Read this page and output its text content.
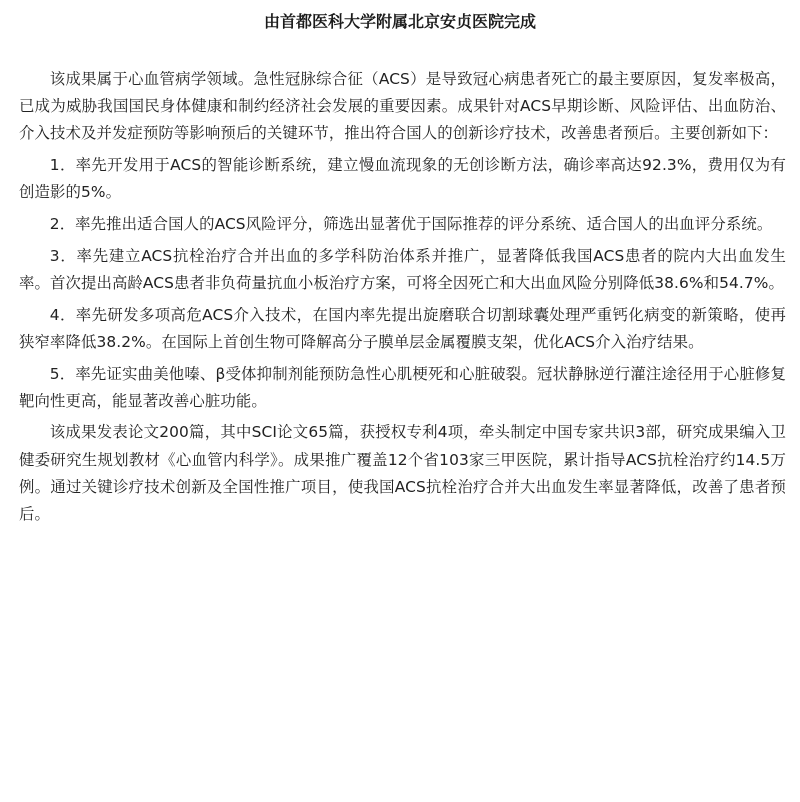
由首都医科大学附属北京安贞医院完成

该成果属于心血管病学领域。急性冠脉综合征（ACS）是导致冠心病患者死亡的最主要原因，复发率极高，已成为威胁我国国民身体健康和制约经济社会发展的重要因素。成果针对ACS早期诊断、风险评估、出血防治、介入技术及并发症预防等影响预后的关键环节，推出符合国人的创新诊疗技术，改善患者预后。主要创新如下：

1．率先开发用于ACS的智能诊断系统，建立慢血流现象的无创诊断方法，确诊率高达92.3%，费用仅为有创造影的5%。

2．率先推出适合国人的ACS风险评分，筛选出显著优于国际推荐的评分系统、适合国人的出血评分系统。

3．率先建立ACS抗栓治疗合并出血的多学科防治体系并推广，显著降低我国ACS患者的院内大出血发生率。首次提出高龄ACS患者非负荷量抗血小板治疗方案，可将全因死亡和大出血风险分别降低38.6%和54.7%。

4．率先研发多项高危ACS介入技术，在国内率先提出旋磨联合切割球囊处理严重钙化病变的新策略，使再狭窄率降低38.2%。在国际上首创生物可降解高分子膜单层金属覆膜支架，优化ACS介入治疗结果。

5．率先证实曲美他嗪、β受体抑制剂能预防急性心肌梗死和心脏破裂。冠状静脉逆行灌注途径用于心脏修复靶向性更高，能显著改善心脏功能。

该成果发表论文200篇，其中SCI论文65篇，获授权专利4项，牵头制定中国专家共识3部，研究成果编入卫健委研究生规划教材《心血管内科学》。成果推广覆盖12个省103家三甲医院，累计指导ACS抗栓治疗约14.5万例。通过关键诊疗技术创新及全国性推广项目，使我国ACS抗栓治疗合并大出血发生率显著降低，改善了患者预后。
